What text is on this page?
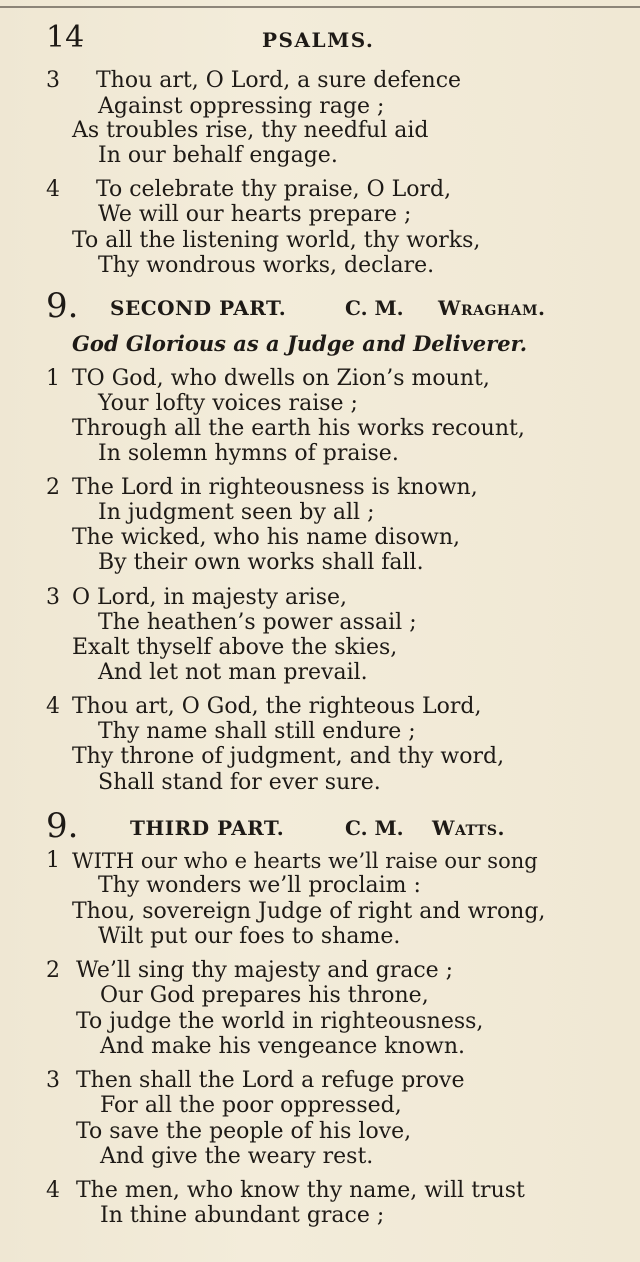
14	PSALMS.
3 Thou art, O Lord, a sure defence
Against oppressing rage ;
As troubles rise, thy needful aid
In our behalf engage.
4 To celebrate thy praise, O Lord,
We will our hearts prepare ;
To all the listening world, thy works,
Thy wondrous works, declare.
9. SECOND PART.	C. M. Wragham.
God Glorious as a Judge and Deliverer.
1 TO God, who dwells on Zion’s mount,
Your lofty voices raise ;
Through all the earth his works recount,
In solemn hymns of praise.
2 The Lord in righteousness is known,
In judgment seen by all ;
The wicked, who his name disown,
By their own works shall fall.
3 O Lord, in majesty arise,
The heathen’s power assail ;
Exalt thyself above the skies,
And let not man prevail.
4 Thou art, O God, the righteous Lord,
Thy name shall still endure ;
Thy throne of judgment, and thy word,
Shall stand for ever sure.
9.	THIRD PART.	C. M. Watts.
1 WITH our who e hearts we’ll raise our song
Thy wonders we’ll proclaim :
Thou, sovereign Judge of right and wrong,
Wilt put our foes to shame.
2 We’ll sing thy majesty and grace ;
Our God prepares his throne,
To judge the world in righteousness,
And make his vengeance known.
3 Then shall the Lord a refuge prove
For all the poor oppressed,
To save the people of his love,
And give the weary rest.
4 The men, who know thy name, will trust
In thine abundant grace ;
